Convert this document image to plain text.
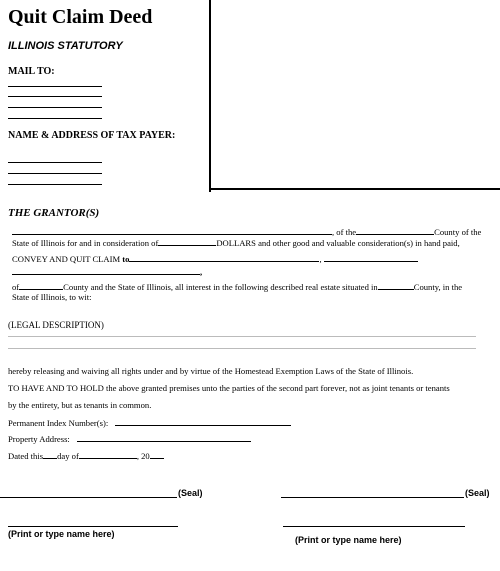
Quit Claim Deed
ILLINOIS STATUTORY
MAIL TO:
NAME & ADDRESS OF TAX PAYER:
THE GRANTOR(S)
, of the	County of the
State of Illinois for and in consideration of	DOLLARS and other good and valuable consideration(s) in hand paid,
CONVEY AND QUIT CLAIM to	,
,
of	County and the State of Illinois, all interest in the following described real estate situated in	County, in the
State of Illinois, to wit:
(LEGAL DESCRIPTION)
hereby releasing and waiving all rights under and by virtue of the Homestead Exemption Laws of the State of Illinois.
TO HAVE AND TO HOLD the above granted premises unto the parties of the second part forever, not as joint tenants or tenants
by the entirety, but as tenants in common.
Permanent Index Number(s):
Property Address:
Dated this day of	, 20
(Seal)	(Seal)
(Print or type name here)
(Print or type name here)
